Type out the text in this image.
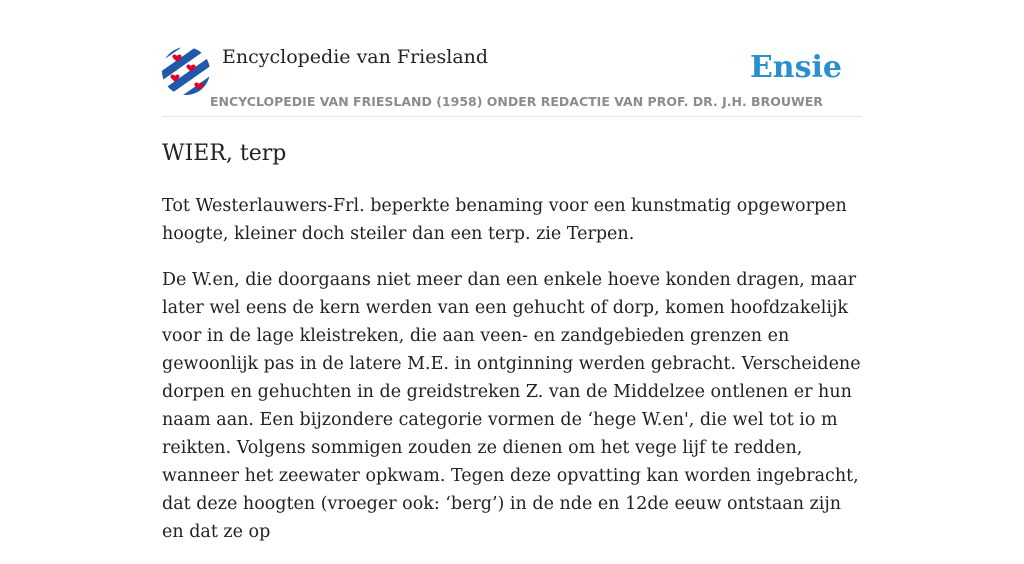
Encyclopedie van Friesland	Ensie
ENCYCLOPEDIE VAN FRIESLAND (1958) ONDER REDACTIE VAN PROF. DR. J.H. BROUWER
WIER, terp

Tot Westerlauwers-Frl. beperkte benaming voor een kunstmatig opgeworpen hoogte, kleiner doch steiler dan een terp. zie Terpen.

De W.en, die doorgaans niet meer dan een enkele hoeve konden dragen, maar later wel eens de kern werden van een gehucht of dorp, komen hoofdzakelijk voor in de lage kleistreken, die aan veen- en zandgebieden grenzen en gewoonlijk pas in de latere M.E. in ontginning werden gebracht. Verscheidene dorpen en gehuchten in de greidstreken Z. van de Middelzee ontlenen er hun naam aan. Een bijzondere categorie vormen de ‘hege W.en', die wel tot io m reikten. Volgens sommigen zouden ze dienen om het vege lijf te redden, wanneer het zeewater opkwam. Tegen deze opvatting kan worden ingebracht, dat deze hoogten (vroeger ook: ‘berg’) in de nde en 12de eeuw ontstaan zijn en dat ze op
